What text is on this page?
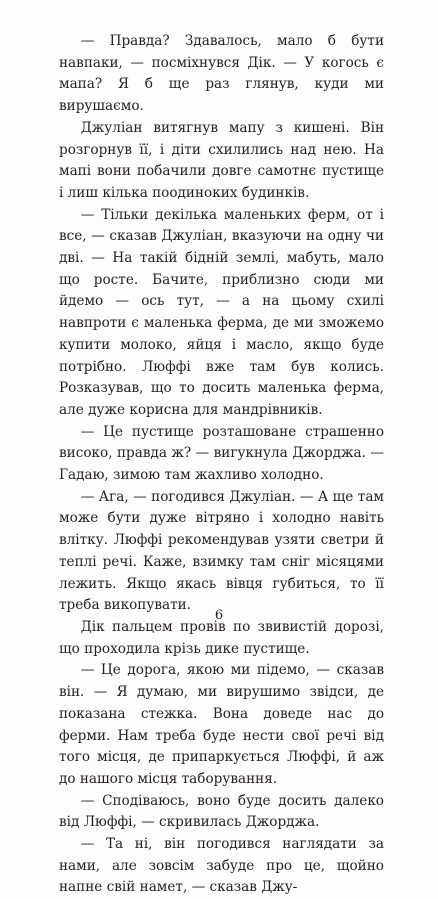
— Правда? Здавалось, мало б бути навпаки, — посміхнувся Дік. — У когось є мапа? Я б ще раз глянув, куди ми вирушаємо.

Джуліан витягнув мапу з кишені. Він розгорнув її, і діти схилились над нею. На мапі вони побачили довге самотнє пустище і лиш кілька поодиноких будинків.

— Тільки декілька маленьких ферм, от і все, — сказав Джуліан, вказуючи на одну чи дві. — На такій бідній землі, мабуть, мало що росте. Бачите, приблизно сюди ми йдемо — ось тут, — а на цьому схилі навпроти є маленька ферма, де ми зможемо купити молоко, яйця і масло, якщо буде потрібно. Люффі вже там був колись. Розказував, що то досить маленька ферма, але дуже корисна для мандрівників.

— Це пустище розташоване страшенно високо, правда ж? — вигукнула Джорджа. — Гадаю, зимою там жахливо холодно.

— Ага, — погодився Джуліан. — А ще там може бути дуже вітряно і холодно навіть влітку. Люффі рекомендував узяти светри й теплі речі. Каже, взимку там сніг місяцями лежить. Якщо якась вівця губиться, то її треба викопувати.

Дік пальцем провів по звивистій дорозі, що проходила крізь дике пустище.

— Це дорога, якою ми підемо, — сказав він. — Я думаю, ми вирушимо звідси, де показана стежка. Вона доведе нас до ферми. Нам треба буде нести свої речі від того місця, де припаркується Люффі, й аж до нашого місця таборування.

— Сподіваюсь, воно буде досить далеко від Люффі, — скривилась Джорджа.

— Та ні, він погодився наглядати за нами, але зовсім забуде про це, щойно напне свій намет, — сказав Джу-

6
